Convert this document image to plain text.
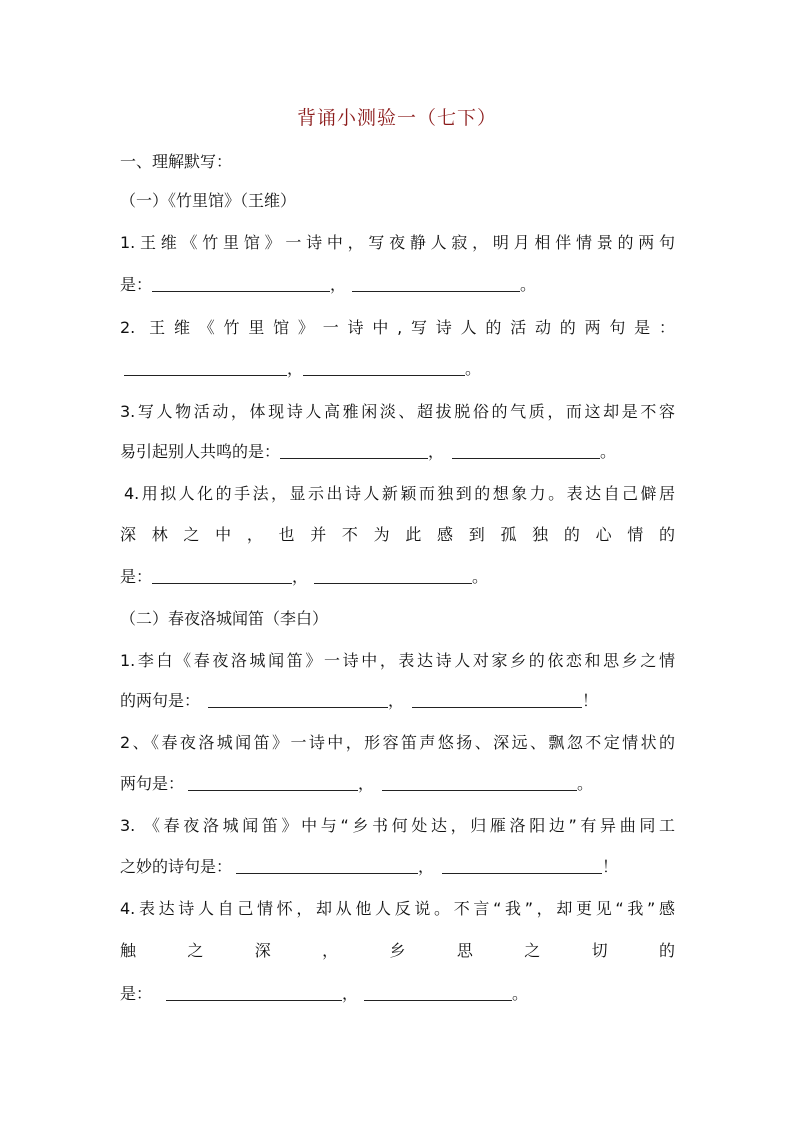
背诵小测验一（七下）
一、理解默写：
（一）《竹里馆》（王维）
1.王维《竹里馆》一诗中，写夜静人寂，明月相伴情景的两句
是：	，	。
2. 王维《竹里馆》一诗中,写诗人的活动的两句是：
，	。
3.写人物活动，体现诗人高雅闲淡、超拔脱俗的气质，而这却是不容
易引起别人共鸣的是：	，	。
4.用拟人化的手法，显示出诗人新颖而独到的想象力。表达自己僻居
深林之中，也并不为此感到孤独的心情的
是：	，	。
（二）春夜洛城闻笛（李白）
1.李白《春夜洛城闻笛》一诗中，表达诗人对家乡的依恋和思乡之情
的两句是：	，	！
2、《春夜洛城闻笛》一诗中，形容笛声悠扬、深远、飘忽不定情状的
两句是：	，	。
3. 《春夜洛城闻笛》中与“乡书何处达，归雁洛阳边”有异曲同工
之妙的诗句是：	，	！
4.表达诗人自己情怀，却从他人反说。不言“我”，却更见“我”感
触之深，乡思之切的
是：	，	。
